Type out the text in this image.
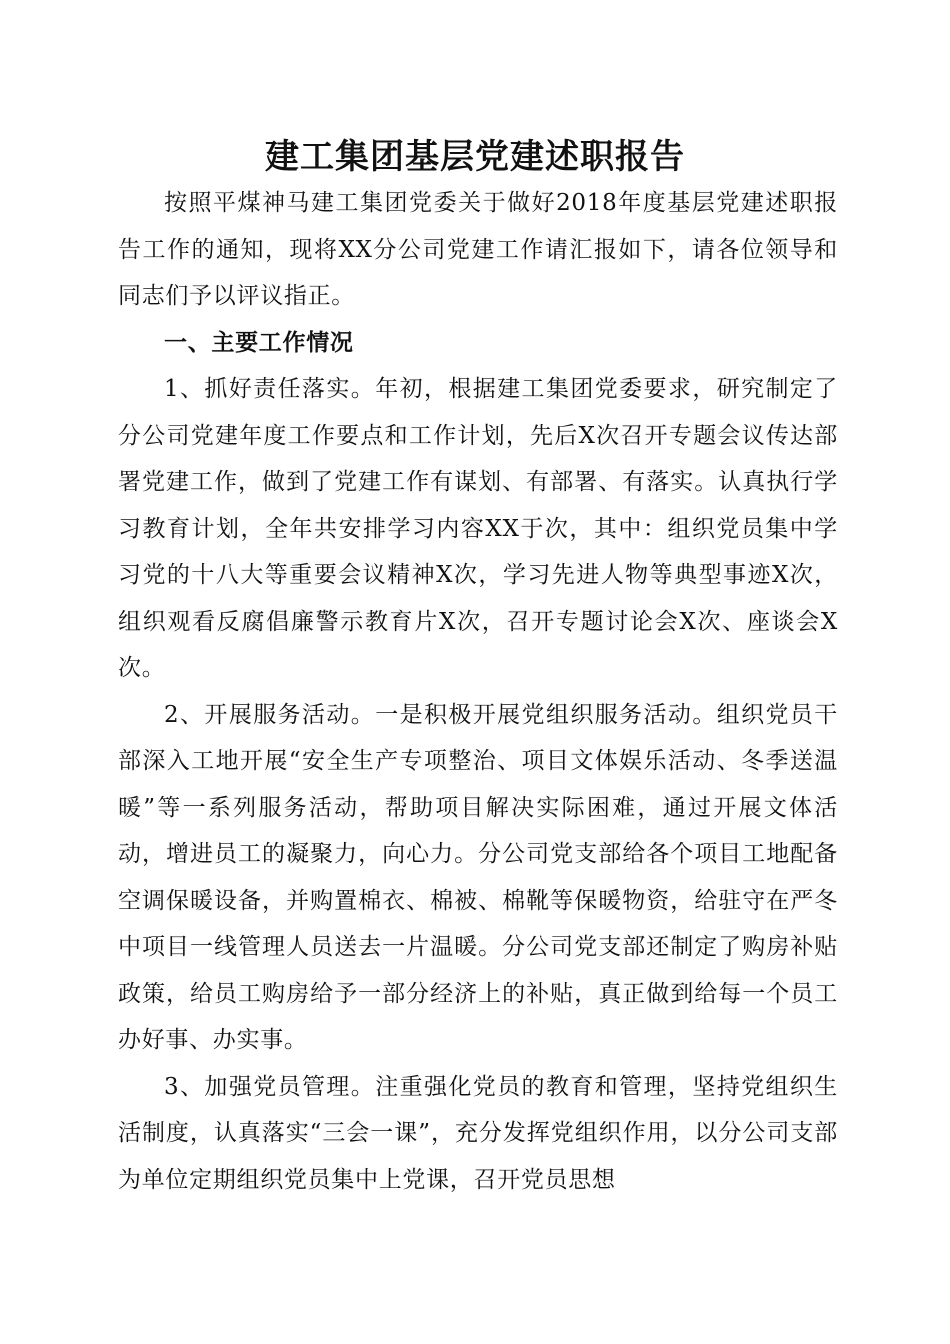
建工集团基层党建述职报告

按照平煤神马建工集团党委关于做好2018年度基层党建述职报告工作的通知，现将XX分公司党建工作请汇报如下，请各位领导和同志们予以评议指正。

一、主要工作情况

1、抓好责任落实。年初，根据建工集团党委要求，研究制定了分公司党建年度工作要点和工作计划，先后X次召开专题会议传达部署党建工作，做到了党建工作有谋划、有部署、有落实。认真执行学习教育计划，全年共安排学习内容XX于次，其中：组织党员集中学习党的十八大等重要会议精神X次，学习先进人物等典型事迹X次，组织观看反腐倡廉警示教育片X次，召开专题讨论会X次、座谈会X次。

2、开展服务活动。一是积极开展党组织服务活动。组织党员干部深入工地开展“安全生产专项整治、项目文体娱乐活动、冬季送温暖”等一系列服务活动，帮助项目解决实际困难，通过开展文体活动，增进员工的凝聚力，向心力。分公司党支部给各个项目工地配备空调保暖设备，并购置棉衣、棉被、棉靴等保暖物资，给驻守在严冬中项目一线管理人员送去一片温暖。分公司党支部还制定了购房补贴政策，给员工购房给予一部分经济上的补贴，真正做到给每一个员工办好事、办实事。

3、加强党员管理。注重强化党员的教育和管理，坚持党组织生活制度，认真落实“三会一课”，充分发挥党组织作用，以分公司支部为单位定期组织党员集中上党课，召开党员思想
